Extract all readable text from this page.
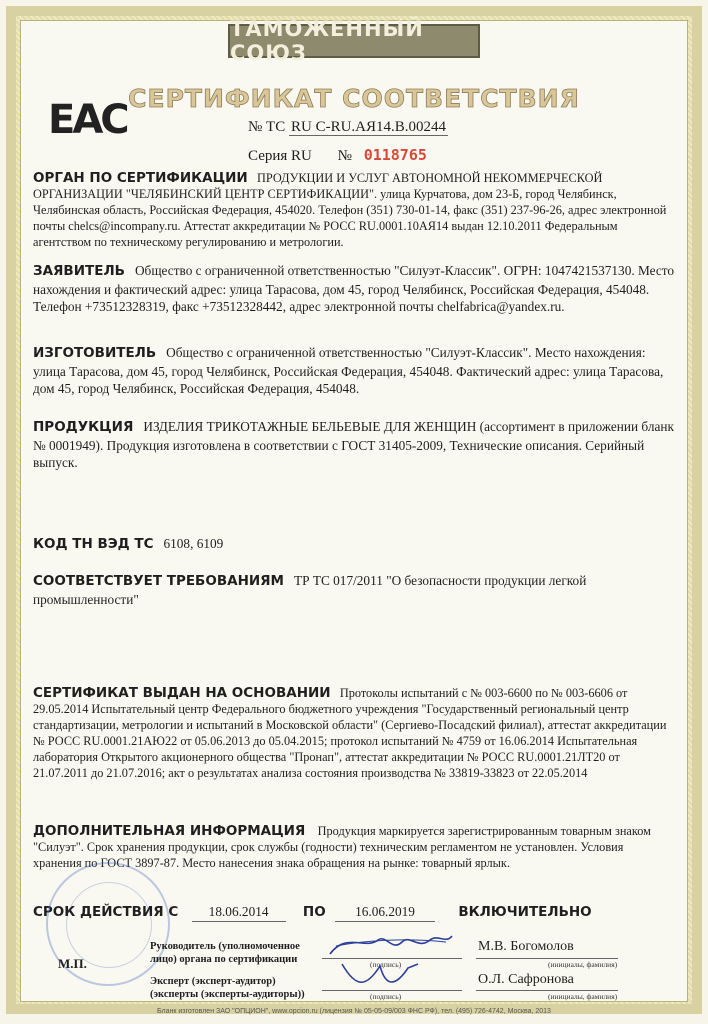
ТАМОЖЕННЫЙ СОЮЗ
СЕРТИФИКАТ СООТВЕТСТВИЯ
EAC	№ ТС RU C-RU.АЯ14.В.00244
Серия RU № 0118765
ОРГАН ПО СЕРТИФИКАЦИИ ПРОДУКЦИИ И УСЛУГ АВТОНОМНОЙ НЕКОММЕРЧЕСКОЙ ОРГАНИЗАЦИИ "ЧЕЛЯБИНСКИЙ ЦЕНТР СЕРТИФИКАЦИИ". улица Курчатова, дом 23-Б, город Челябинск, Челябинская область, Российская Федерация, 454020. Телефон (351) 730-01-14, факс (351) 237-96-26, адрес электронной почты chelcs@incompany.ru. Аттестат аккредитации № РОСС RU.0001.10АЯ14 выдан 12.10.2011 Федеральным агентством по техническому регулированию и метрологии.
ЗАЯВИТЕЛЬ Общество с ограниченной ответственностью "Силуэт-Классик". ОГРН: 1047421537130. Место нахождения и фактический адрес: улица Тарасова, дом 45, город Челябинск, Российская Федерация, 454048. Телефон +73512328319, факс +73512328442, адрес электронной почты chelfabrica@yandex.ru.
ИЗГОТОВИТЕЛЬ Общество с ограниченной ответственностью "Силуэт-Классик". Место нахождения: улица Тарасова, дом 45, город Челябинск, Российская Федерация, 454048. Фактический адрес: улица Тарасова, дом 45, город Челябинск, Российская Федерация, 454048.
ПРОДУКЦИЯ ИЗДЕЛИЯ ТРИКОТАЖНЫЕ БЕЛЬЕВЫЕ ДЛЯ ЖЕНЩИН (ассортимент в приложении бланк № 0001949). Продукция изготовлена в соответствии с ГОСТ 31405-2009, Технические описания. Серийный выпуск.
КОД ТН ВЭД ТС 6108, 6109
СООТВЕТСТВУЕТ ТРЕБОВАНИЯМ ТР ТС 017/2011 "О безопасности продукции легкой промышленности"
СЕРТИФИКАТ ВЫДАН НА ОСНОВАНИИ Протоколы испытаний с № 003-6600 по № 003-6606 от 29.05.2014 Испытательный центр Федерального бюджетного учреждения "Государственный региональный центр стандартизации, метрологии и испытаний в Московской области" (Сергиево-Посадский филиал), аттестат аккредитации № РОСС RU.0001.21АЮ22 от 05.06.2013 до 05.04.2015; протокол испытаний № 4759 от 16.06.2014 Испытательная лаборатория Открытого акционерного общества "Пронап", аттестат аккредитации № РОСС RU.0001.21ЛТ20 от 21.07.2011 до 21.07.2016; акт о результатах анализа состояния производства № 33819-33823 от 22.05.2014
ДОПОЛНИТЕЛЬНАЯ ИНФОРМАЦИЯ Продукция маркируется зарегистрированным товарным знаком "Силуэт". Срок хранения продукции, срок службы (годности) техническим регламентом не установлен. Условия хранения по ГОСТ 3897-87. Место нанесения знака обращения на рынке: товарный ярлык.
СРОК ДЕЙСТВИЯ С 18.06.2014	ПО 16.06.2019	ВКЛЮЧИТЕЛЬНО
М.П.
Руководитель (уполномоченное лицо) органа по сертификации	(подпись)
М.В. Богомолов
(инициалы, фамилия)
Эксперт (эксперт-аудитор) (эксперты (эксперты-аудиторы))	(подпись)
О.Л. Сафронова
(инициалы, фамилия)
Бланк изготовлен ЗАО "ОПЦИОН", www.opcion.ru (лицензия № 05-05-09/003 ФНС РФ), тел. (495) 726-4742, Москва, 2013
